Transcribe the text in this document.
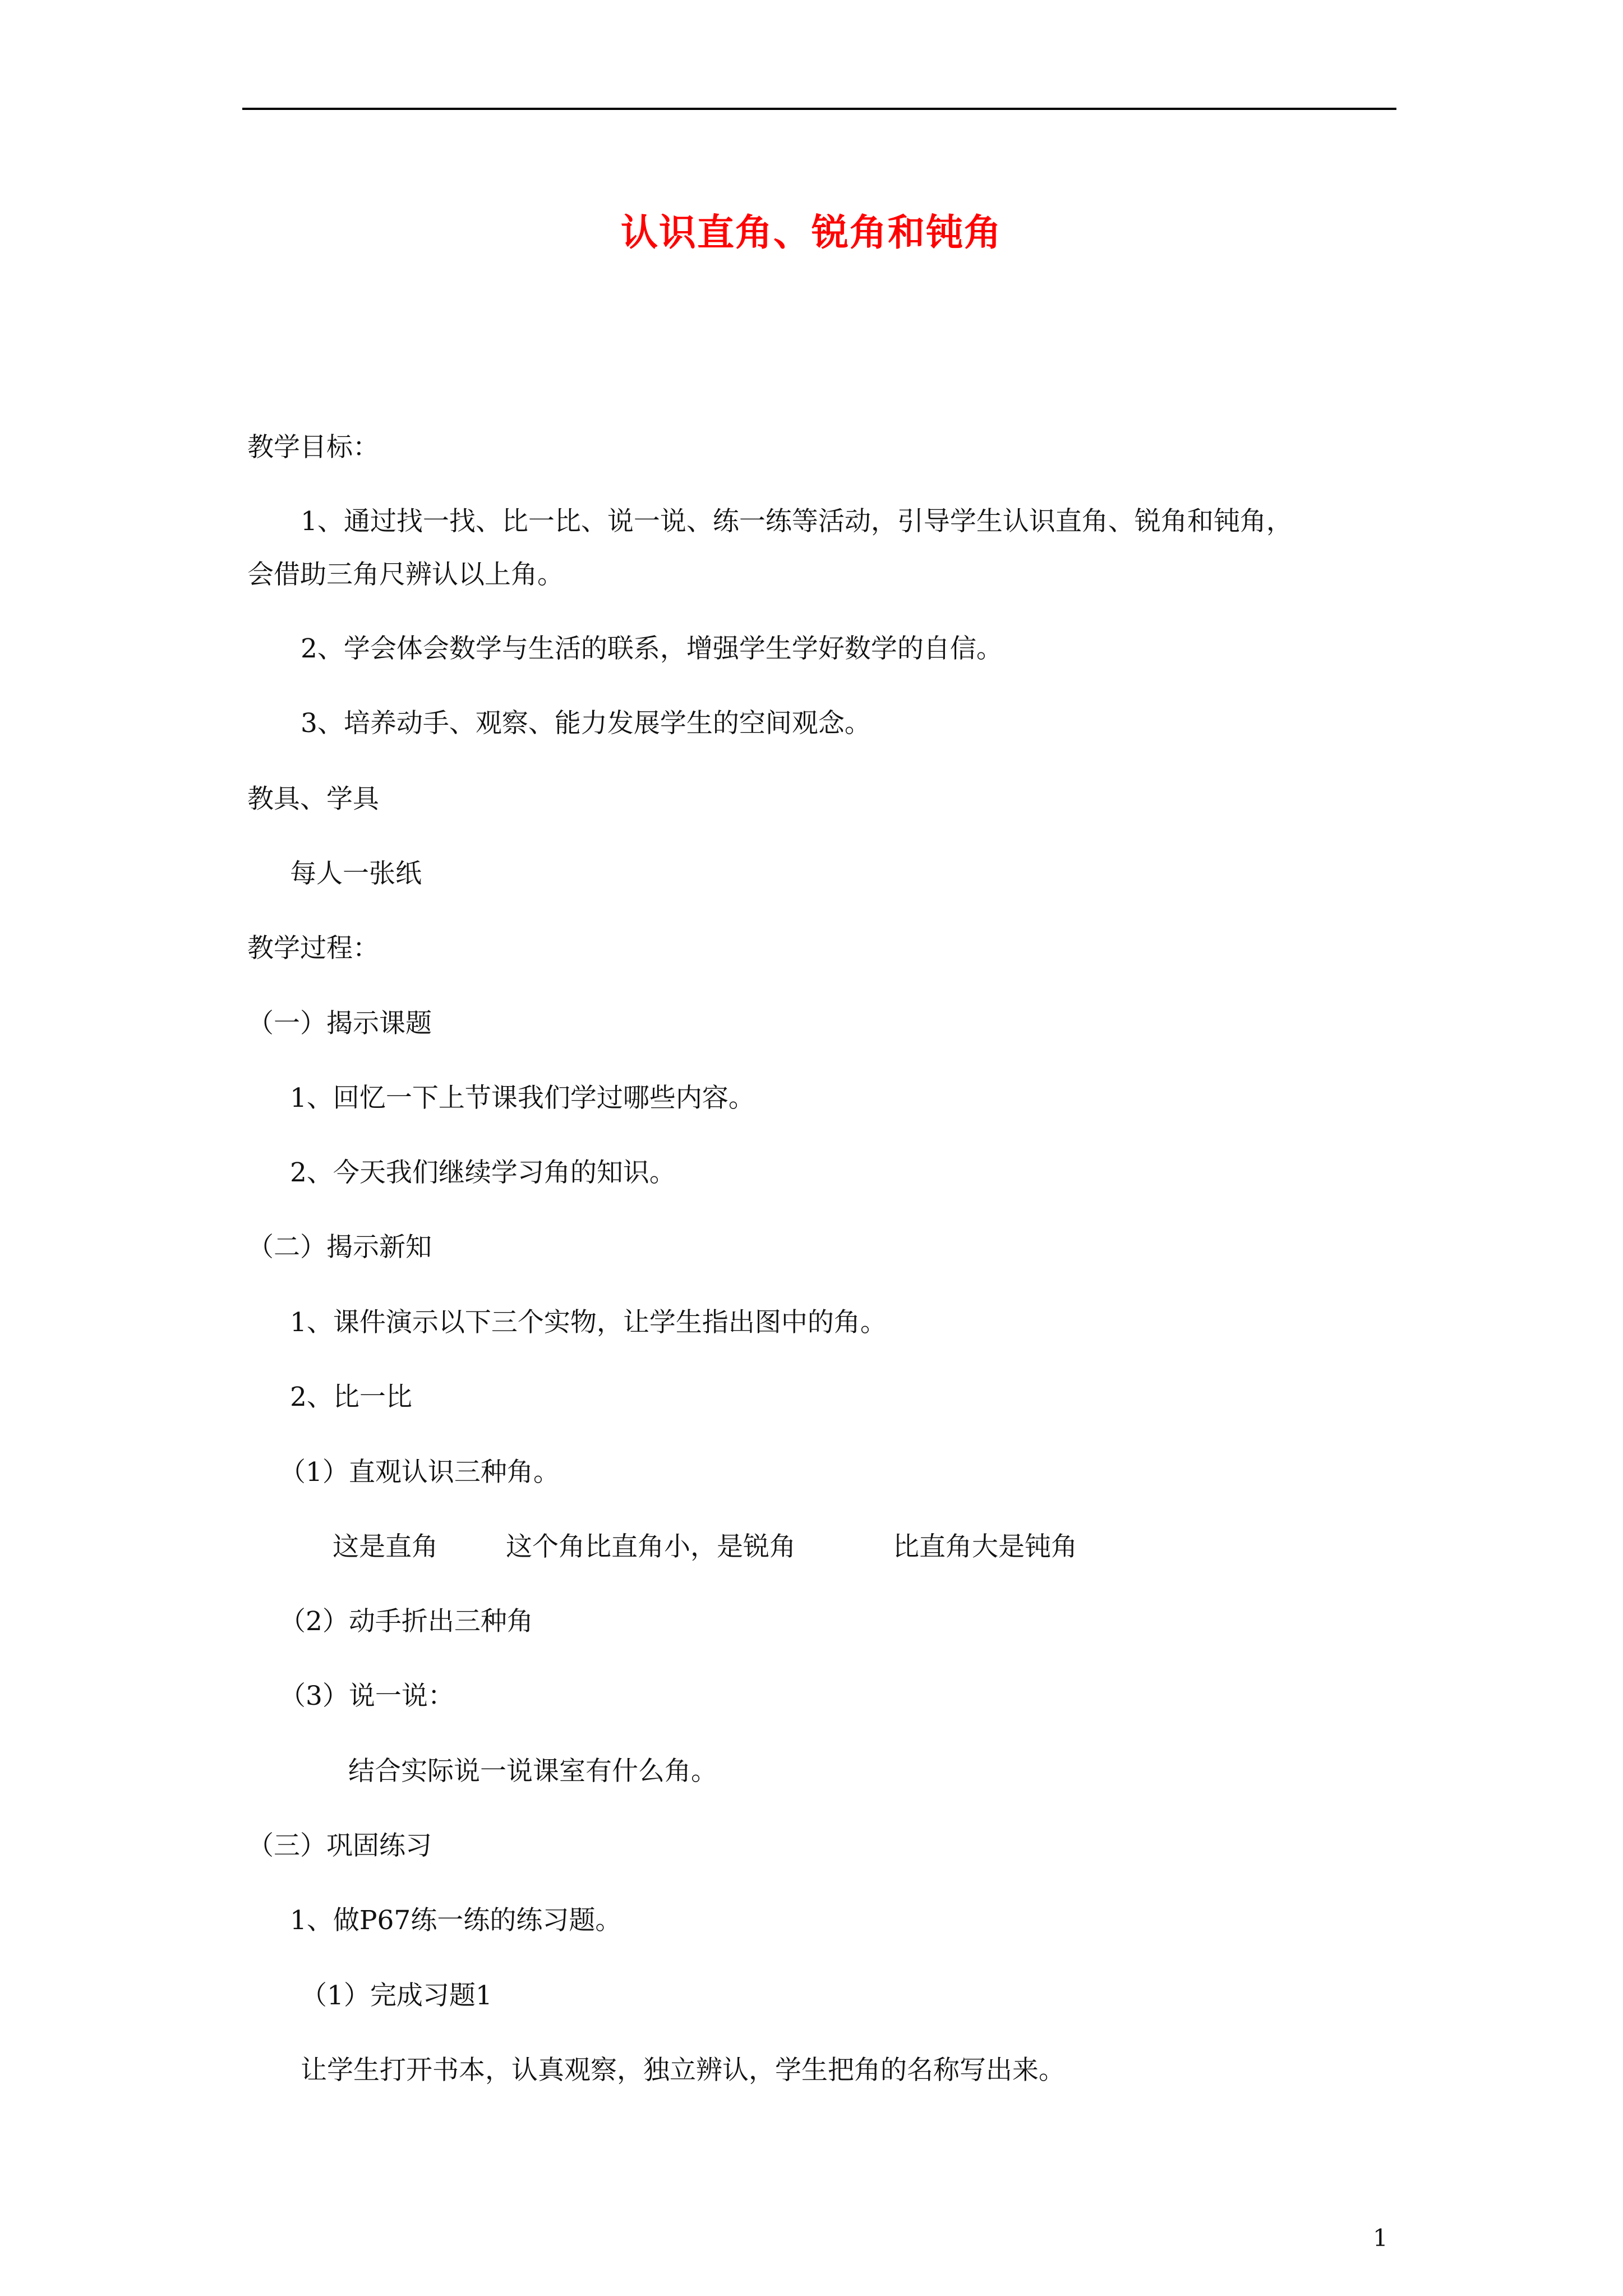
认识直角、锐角和钝角
教学目标：
1、通过找一找、比一比、说一说、练一练等活动，引导学生认识直角、锐角和钝角，
会借助三角尺辨认以上角。
2、学会体会数学与生活的联系，增强学生学好数学的自信。
3、培养动手、观察、能力发展学生的空间观念。
教具、学具
每人一张纸
教学过程：
（一）揭示课题
1、回忆一下上节课我们学过哪些内容。
2、今天我们继续学习角的知识。
（二）揭示新知
1、课件演示以下三个实物，让学生指出图中的角。
2、比一比
（1）直观认识三种角。
这是直角	这个角比直角小，是锐角	比直角大是钝角
（2）动手折出三种角
（3）说一说：
结合实际说一说课室有什么角。
（三）巩固练习
1、做P67练一练的练习题。
（1）完成习题1
让学生打开书本，认真观察，独立辨认，学生把角的名称写出来。
1
